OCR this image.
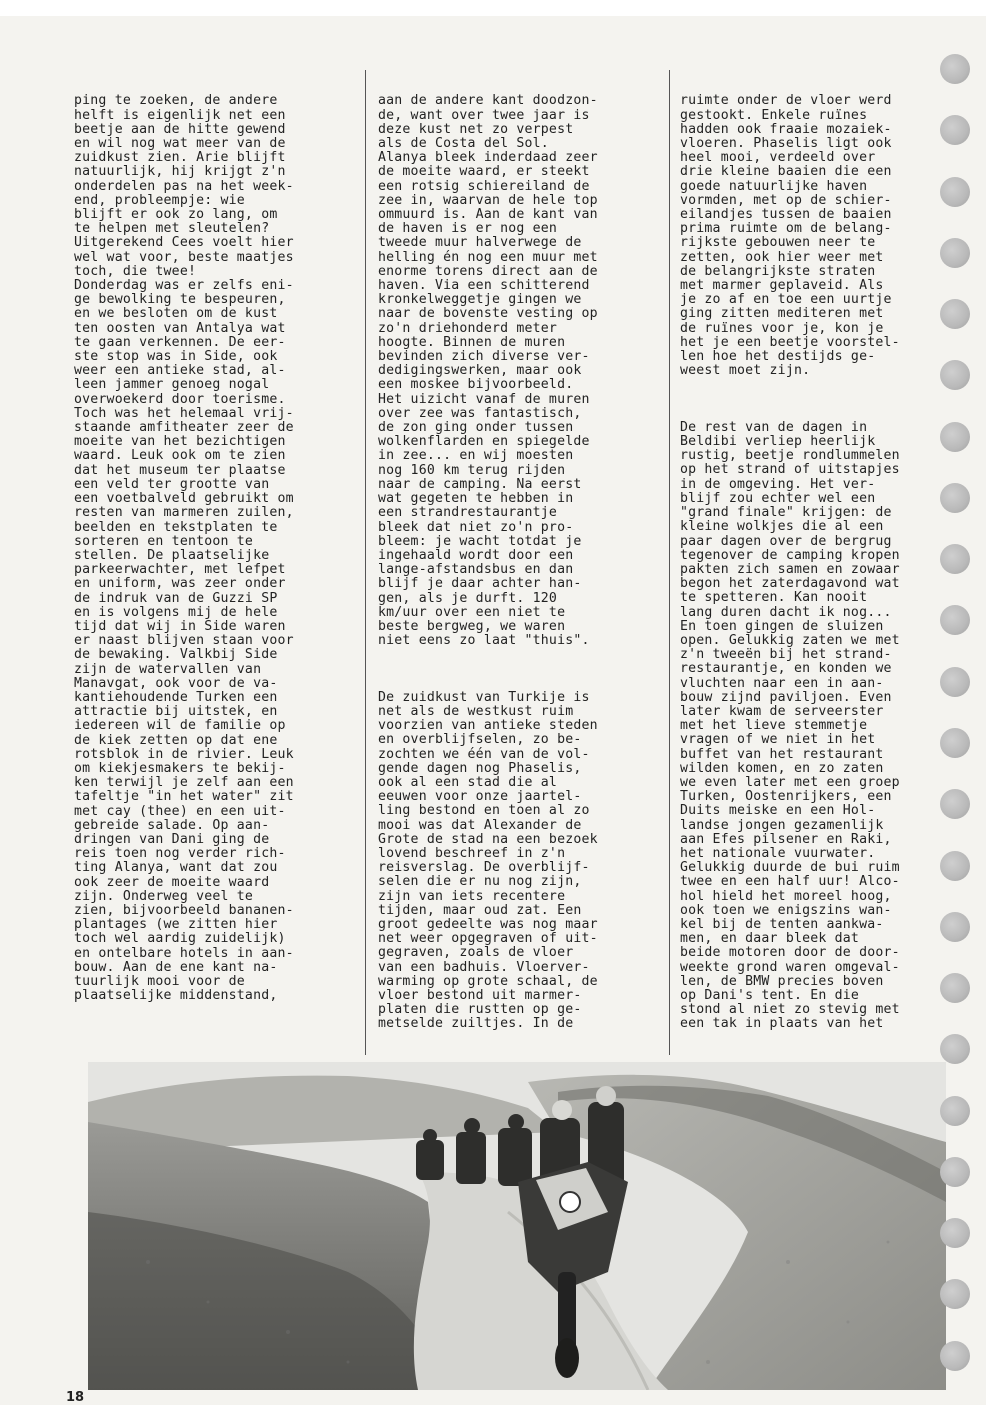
ping te zoeken, de andere
helft is eigenlijk net een
beetje aan de hitte gewend
en wil nog wat meer van de
zuidkust zien. Arie blijft
natuurlijk, hij krijgt z'n
onderdelen pas na het week-
end, probleempje: wie
blijft er ook zo lang, om
te helpen met sleutelen?
Uitgerekend Cees voelt hier
wel wat voor, beste maatjes
toch, die twee!
Donderdag was er zelfs eni-
ge bewolking te bespeuren,
en we besloten om de kust
ten oosten van Antalya wat
te gaan verkennen. De eer-
ste stop was in Side, ook
weer een antieke stad, al-
leen jammer genoeg nogal
overwoekerd door toerisme.
Toch was het helemaal vrij-
staande amfitheater zeer de
moeite van het bezichtigen
waard. Leuk ook om te zien
dat het museum ter plaatse
een veld ter grootte van
een voetbalveld gebruikt om
resten van marmeren zuilen,
beelden en tekstplaten te
sorteren en tentoon te
stellen. De plaatselijke
parkeerwachter, met lefpet
en uniform, was zeer onder
de indruk van de Guzzi SP
en is volgens mij de hele
tijd dat wij in Side waren
er naast blijven staan voor
de bewaking. Valkbij Side
zijn de watervallen van
Manavgat, ook voor de va-
kantiehoudende Turken een
attractie bij uitstek, en
iedereen wil de familie op
de kiek zetten op dat ene
rotsblok in de rivier. Leuk
om kiekjesmakers te bekij-
ken terwijl je zelf aan een
tafeltje "in het water" zit
met cay (thee) en een uit-
gebreide salade. Op aan-
dringen van Dani ging de
reis toen nog verder rich-
ting Alanya, want dat zou
ook zeer de moeite waard
zijn. Onderweg veel te
zien, bijvoorbeeld bananen-
plantages (we zitten hier
toch wel aardig zuidelijk)
en ontelbare hotels in aan-
bouw. Aan de ene kant na-
tuurlijk mooi voor de
plaatselijke middenstand,

aan de andere kant doodzon-
de, want over twee jaar is
deze kust net zo verpest
als de Costa del Sol.
Alanya bleek inderdaad zeer
de moeite waard, er steekt
een rotsig schiereiland de
zee in, waarvan de hele top
ommuurd is. Aan de kant van
de haven is er nog een
tweede muur halverwege de
helling én nog een muur met
enorme torens direct aan de
haven. Via een schitterend
kronkelweggetje gingen we
naar de bovenste vesting op
zo'n driehonderd meter
hoogte. Binnen de muren
bevinden zich diverse ver-
dedigingswerken, maar ook
een moskee bijvoorbeeld.
Het uizicht vanaf de muren
over zee was fantastisch,
de zon ging onder tussen
wolkenflarden en spiegelde
in zee... en wij moesten
nog 160 km terug rijden
naar de camping. Na eerst
wat gegeten te hebben in
een strandrestaurantje
bleek dat niet zo'n pro-
bleem: je wacht totdat je
ingehaald wordt door een
lange-afstandsbus en dan
blijf je daar achter han-
gen, als je durft. 120
km/uur over een niet te
beste bergweg, we waren
niet eens zo laat "thuis".

De zuidkust van Turkije is
net als de westkust ruim
voorzien van antieke steden
en overblijfselen, zo be-
zochten we één van de vol-
gende dagen nog Phaselis,
ook al een stad die al
eeuwen voor onze jaartel-
ling bestond en toen al zo
mooi was dat Alexander de
Grote de stad na een bezoek
lovend beschreef in z'n
reisverslag. De overblijf-
selen die er nu nog zijn,
zijn van iets recentere
tijden, maar oud zat. Een
groot gedeelte was nog maar
net weer opgegraven of uit-
gegraven, zoals de vloer
van een badhuis. Vloerver-
warming op grote schaal, de
vloer bestond uit marmer-
platen die rustten op ge-
metselde zuiltjes. In de

ruimte onder de vloer werd
gestookt. Enkele ruïnes
hadden ook fraaie mozaiek-
vloeren. Phaselis ligt ook
heel mooi, verdeeld over
drie kleine baaien die een
goede natuurlijke haven
vormden, met op de schier-
eilandjes tussen de baaien
prima ruimte om de belang-
rijkste gebouwen neer te
zetten, ook hier weer met
de belangrijkste straten
met marmer geplaveid. Als
je zo af en toe een uurtje
ging zitten mediteren met
de ruïnes voor je, kon je
het je een beetje voorstel-
len hoe het destijds ge-
weest moet zijn.

De rest van de dagen in
Beldibi verliep heerlijk
rustig, beetje rondlummelen
op het strand of uitstapjes
in de omgeving. Het ver-
blijf zou echter wel een
"grand finale" krijgen: de
kleine wolkjes die al een
paar dagen over de bergrug
tegenover de camping kropen
pakten zich samen en zowaar
begon het zaterdagavond wat
te spetteren. Kan nooit
lang duren dacht ik nog...
En toen gingen de sluizen
open. Gelukkig zaten we met
z'n tweeën bij het strand-
restaurantje, en konden we
vluchten naar een in aan-
bouw zijnd paviljoen. Even
later kwam de serveerster
met het lieve stemmetje
vragen of we niet in het
buffet van het restaurant
wilden komen, en zo zaten
we even later met een groep
Turken, Oostenrijkers, een
Duits meiske en een Hol-
landse jongen gezamenlijk
aan Efes pilsener en Raki,
het nationale vuurwater.
Gelukkig duurde de bui ruim
twee en een half uur! Alco-
hol hield het moreel hoog,
ook toen we enigszins wan-
kel bij de tenten aankwa-
men, en daar bleek dat
beide motoren door de door-
weekte grond waren omgeval-
len, de BMW precies boven
op Dani's tent. En die
stond al niet zo stevig met
een tak in plaats van het

18
